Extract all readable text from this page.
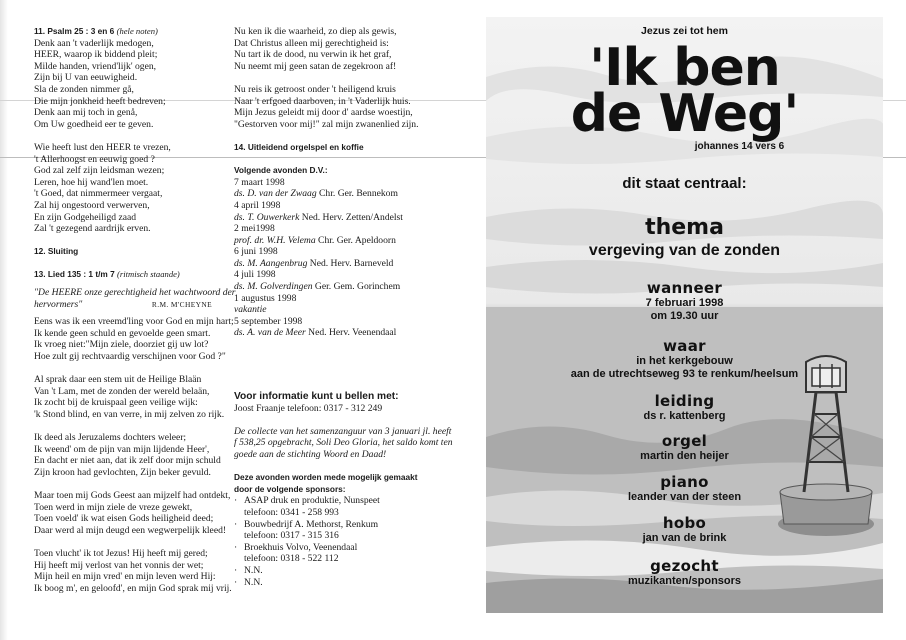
11. Psalm 25 : 3 en 6 (hele noten)
Denk aan 't vaderlijk medogen,
HEER, waarop ik biddend pleit;
Milde handen, vriend'lijk' ogen,
Zijn bij U van eeuwigheid.
Sla de zonden nimmer gå,
Die mijn jonkheid heeft bedreven;
Denk aan mij toch in genå,
Om Uw goedheid eer te geven.
Wie heeft lust den HEER te vrezen,
't Allerhoogst en eeuwig goed ?
God zal zelf zijn leidsman wezen;
Leren, hoe hij wand'len moet.
't Goed, dat nimmermeer vergaat,
Zal hij ongestoord verwerven,
En zijn Godgeheiligd zaad
Zal 't gezegend aardrijk erven.
12. Sluiting
13. Lied 135 : 1 t/m 7 (ritmisch staande)
"De HEERE onze gerechtigheid het wachtwoord der
hervormers"	R.M. M'CHEYNE
Eens was ik een vreemd'ling voor God en mijn hart;
Ik kende geen schuld en gevoelde geen smart.
Ik vroeg niet:"Mijn ziele, doorziet gij uw lot?
Hoe zult gij rechtvaardig verschijnen voor God ?"
Al sprak daar een stem uit de Heilige Blaän
Van 't Lam, met de zonden der wereld belaän,
Ik zocht bij de kruispaal geen veilige wijk:
'k Stond blind, en van verre, in mij zelven zo rijk.
Ik deed als Jeruzalems dochters weleer;
Ik weend' om de pijn van mijn lijdende Heer',
En dacht er niet aan, dat ik zelf door mijn schuld
Zijn kroon had gevlochten, Zijn beker gevuld.
Maar toen mij Gods Geest aan mijzelf had ontdekt,
Toen werd in mijn ziele de vreze gewekt,
Toen voeld' ik wat eisen Gods heiligheid deed;
Daar werd al mijn deugd een wegwerpelijk kleed!
Toen vlucht' ik tot Jezus! Hij heeft mij gered;
Hij heeft mij verlost van het vonnis der wet;
Mijn heil en mijn vred' en mijn leven werd Hij:
Ik boog m', en geloofd', en mijn God sprak mij vrij.
Nu ken ik die waarheid, zo diep als gewis,
Dat Christus alleen mij gerechtigheid is:
Nu tart ik de dood, nu verwin ik het graf,
Nu neemt mij geen satan de zegekroon af!
Nu reis ik getroost onder 't heiligend kruis
Naar 't erfgoed daarboven, in 't Vaderlijk huis.
Mijn Jezus geleidt mij door d' aardse woestijn,
"Gestorven voor mij!" zal mijn zwanenlied zijn.
14. Uitleidend orgelspel en koffie
Volgende avonden D.V.:
7 maart 1998
ds. D. van der Zwaag Chr. Ger. Bennekom
4 april 1998
ds. T. Ouwerkerk Ned. Herv. Zetten/Andelst
2 mei1998
prof. dr. W.H. Velema Chr. Ger. Apeldoorn
6 juni 1998
ds. M. Aangenbrug Ned. Herv. Barneveld
4 juli 1998
ds. M. Golverdingen Ger. Gem. Gorinchem
1 augustus 1998
vakantie
5 september 1998
ds. A. van de Meer Ned. Herv. Veenendaal
Voor informatie kunt u bellen met:
Joost Fraanje telefoon: 0317 - 312 249
De collecte van het samenzanguur van 3 januari jl. heeft
f 538,25 opgebracht, Soli Deo Gloria, het saldo komt ten
goede aan de stichting Woord en Daad!
Deze avonden worden mede mogelijk gemaakt
door de volgende sponsors:
· ASAP druk en produktie, Nunspeet
telefoon: 0341 - 258 993
· Bouwbedrijf A. Methorst, Renkum
telefoon: 0317 - 315 316
· Broekhuis Volvo, Veenendaal
telefoon: 0318 - 522 112
· N.N.
· N.N.
Jezus zei tot hem
'Ik ben
de Weg'
johannes 14 vers 6
dit staat centraal:
thema
vergeving van de zonden
wanneer
7 februari 1998
om 19.30 uur
waar
in het kerkgebouw
aan de utrechtseweg 93 te renkum/heelsum
leiding
ds r. kattenberg
orgel
martin den heijer
piano
leander van der steen
hobo
jan van de brink
gezocht
muzikanten/sponsors
